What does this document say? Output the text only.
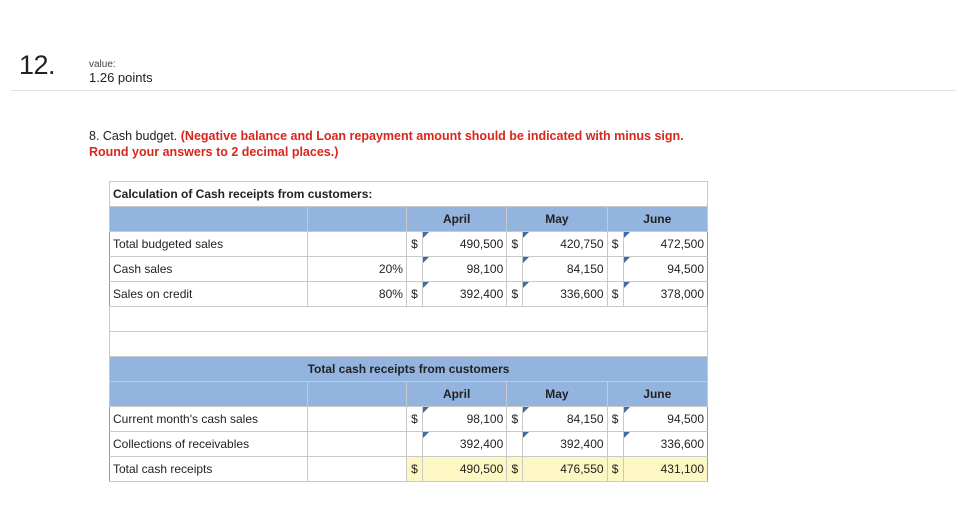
12.	value:
1.26 points
8. Cash budget. (Negative balance and Loan repayment amount should be indicated with minus sign. Round your answers to 2 decimal places.)
Calculation of Cash receipts from customers:							
		April		May		June	
Total budgeted sales		$	490,500	$	420,750	$	472,500
Cash sales	20%		98,100		84,150		94,500
Sales on credit	80%	$	392,400	$	336,600	$	378,000

Total cash receipts from customers							
		April		May		June	
Current month's cash sales		$	98,100	$	84,150	$	94,500
Collections of receivables			392,400		392,400		336,600
Total cash receipts		$	490,500	$	476,550	$	431,100
